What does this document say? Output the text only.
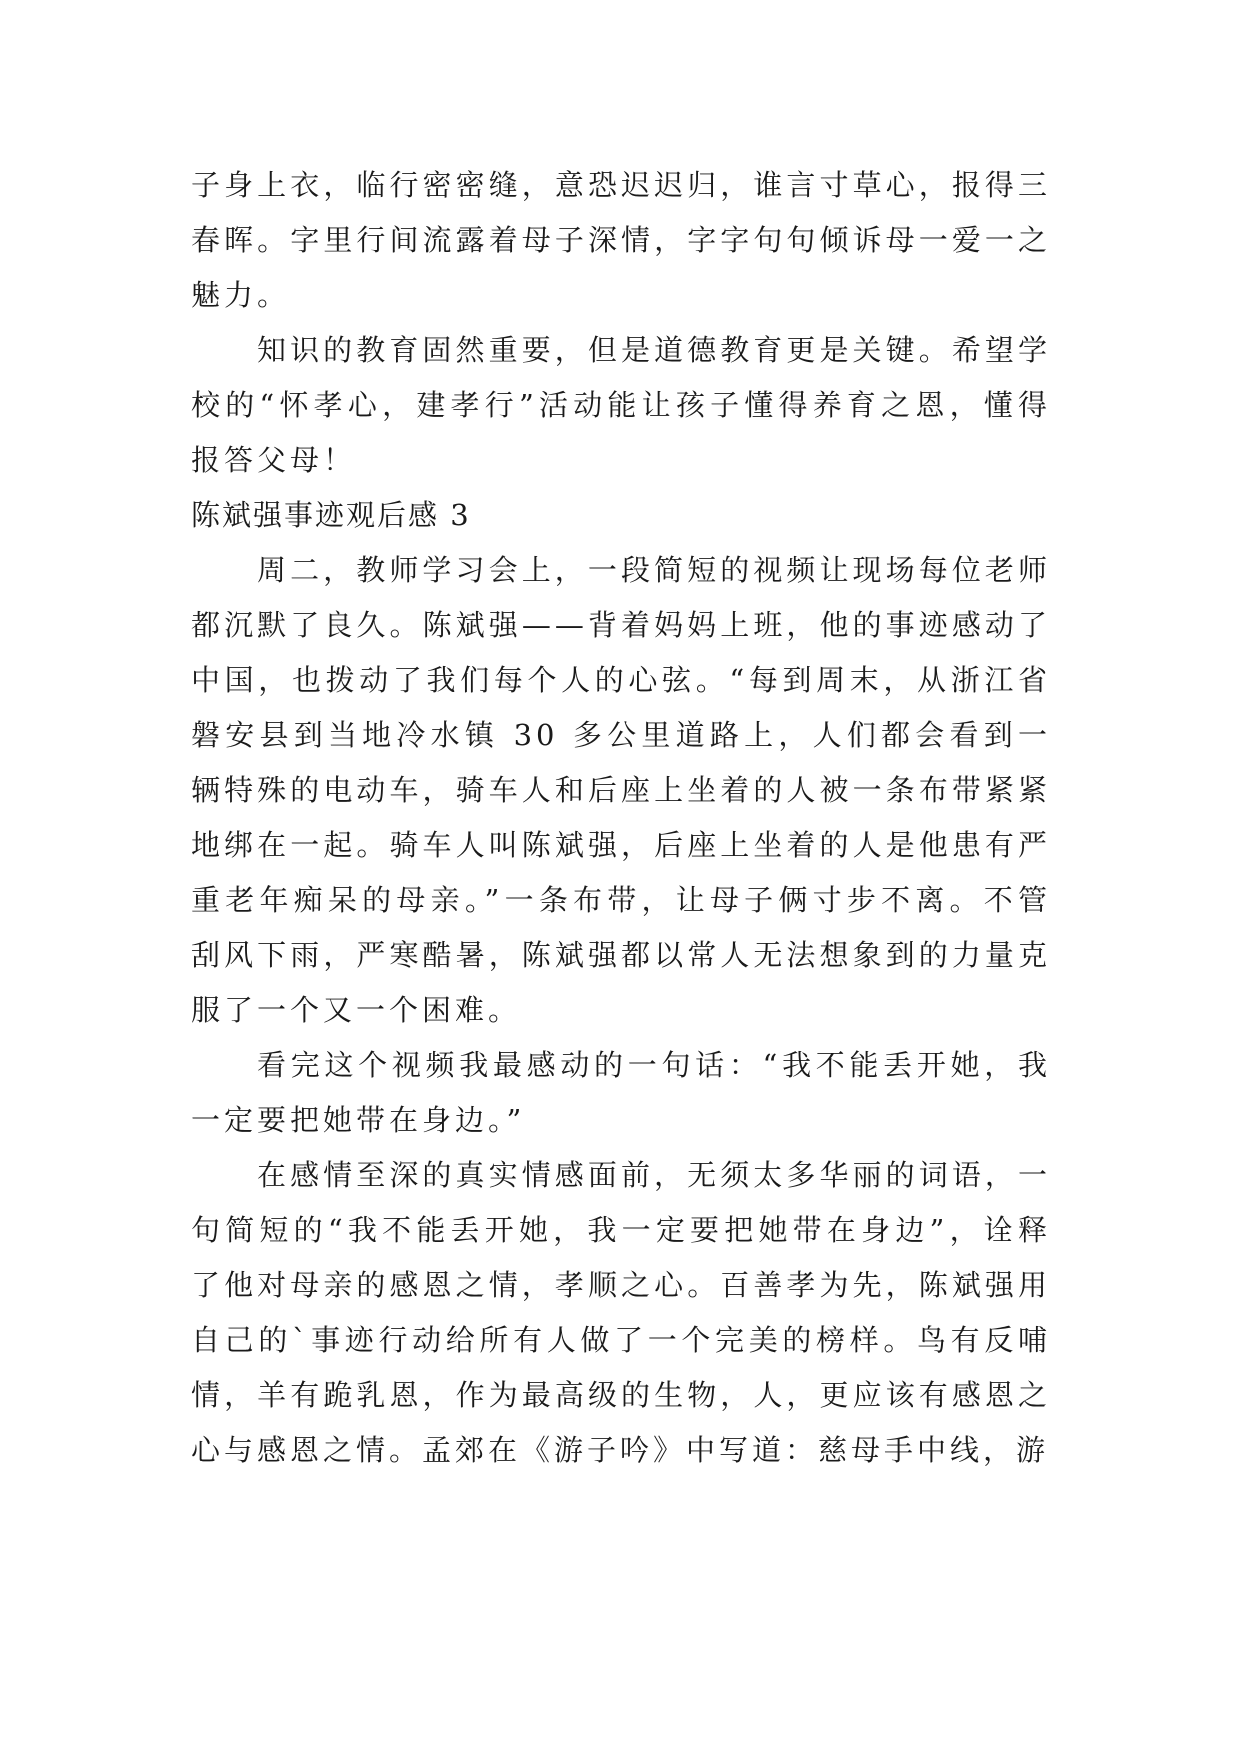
子身上衣，临行密密缝，意恐迟迟归，谁言寸草心，报得三春晖。字里行间流露着母子深情，字字句句倾诉母一爱一之魅力。

知识的教育固然重要，但是道德教育更是关键。希望学校的“怀孝心，建孝行”活动能让孩子懂得养育之恩，懂得报答父母！

陈斌强事迹观后感 3

周二，教师学习会上，一段简短的视频让现场每位老师都沉默了良久。陈斌强——背着妈妈上班，他的事迹感动了中国，也拨动了我们每个人的心弦。“每到周末，从浙江省磐安县到当地冷水镇 30 多公里道路上，人们都会看到一辆特殊的电动车，骑车人和后座上坐着的人被一条布带紧紧地绑在一起。骑车人叫陈斌强，后座上坐着的人是他患有严重老年痴呆的母亲。”一条布带，让母子俩寸步不离。不管刮风下雨，严寒酷暑，陈斌强都以常人无法想象到的力量克服了一个又一个困难。

看完这个视频我最感动的一句话：“我不能丢开她，我一定要把她带在身边。”

在感情至深的真实情感面前，无须太多华丽的词语，一句简短的“我不能丢开她，我一定要把她带在身边”，诠释了他对母亲的感恩之情，孝顺之心。百善孝为先，陈斌强用自己的`事迹行动给所有人做了一个完美的榜样。鸟有反哺情，羊有跪乳恩，作为最高级的生物，人，更应该有感恩之心与感恩之情。孟郊在《游子吟》中写道：慈母手中线，游
